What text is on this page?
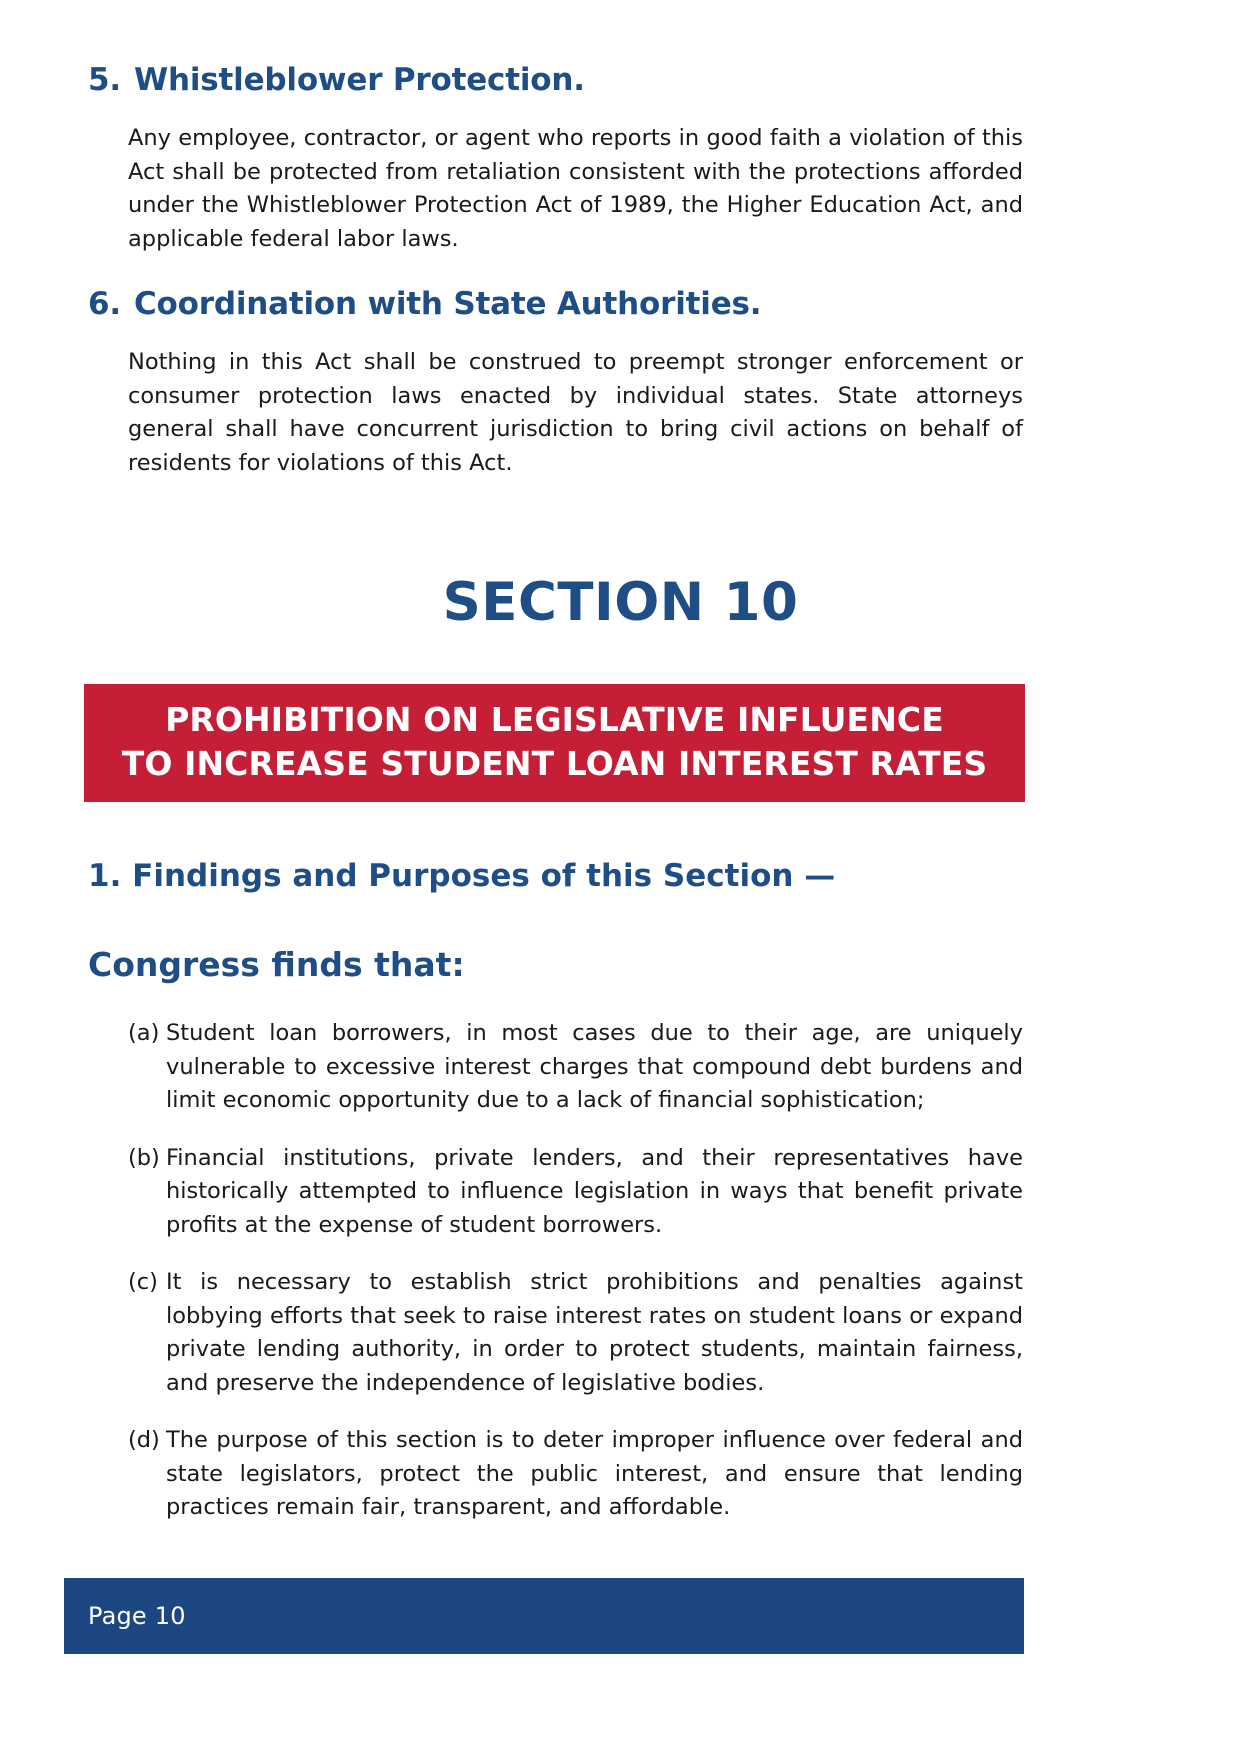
5. Whistleblower Protection.

Any employee, contractor, or agent who reports in good faith a violation of this Act shall be protected from retaliation consistent with the protections afforded under the Whistleblower Protection Act of 1989, the Higher Education Act, and applicable federal labor laws.

6. Coordination with State Authorities.

Nothing in this Act shall be construed to preempt stronger enforcement or consumer protection laws enacted by individual states. State attorneys general shall have concurrent jurisdiction to bring civil actions on behalf of residents for violations of this Act.

SECTION 10
PROHIBITION ON LEGISLATIVE INFLUENCE
TO INCREASE STUDENT LOAN INTEREST RATES
1. Findings and Purposes of this Section —
Congress finds that:
(a) Student loan borrowers, in most cases due to their age, are uniquely vulnerable to excessive interest charges that compound debt burdens and limit economic opportunity due to a lack of financial sophistication;
(b) Financial institutions, private lenders, and their representatives have historically attempted to influence legislation in ways that benefit private profits at the expense of student borrowers.
(c) It is necessary to establish strict prohibitions and penalties against lobbying efforts that seek to raise interest rates on student loans or expand private lending authority, in order to protect students, maintain fairness, and preserve the independence of legislative bodies.
(d) The purpose of this section is to deter improper influence over federal and state legislators, protect the public interest, and ensure that lending practices remain fair, transparent, and affordable.
Page 10
